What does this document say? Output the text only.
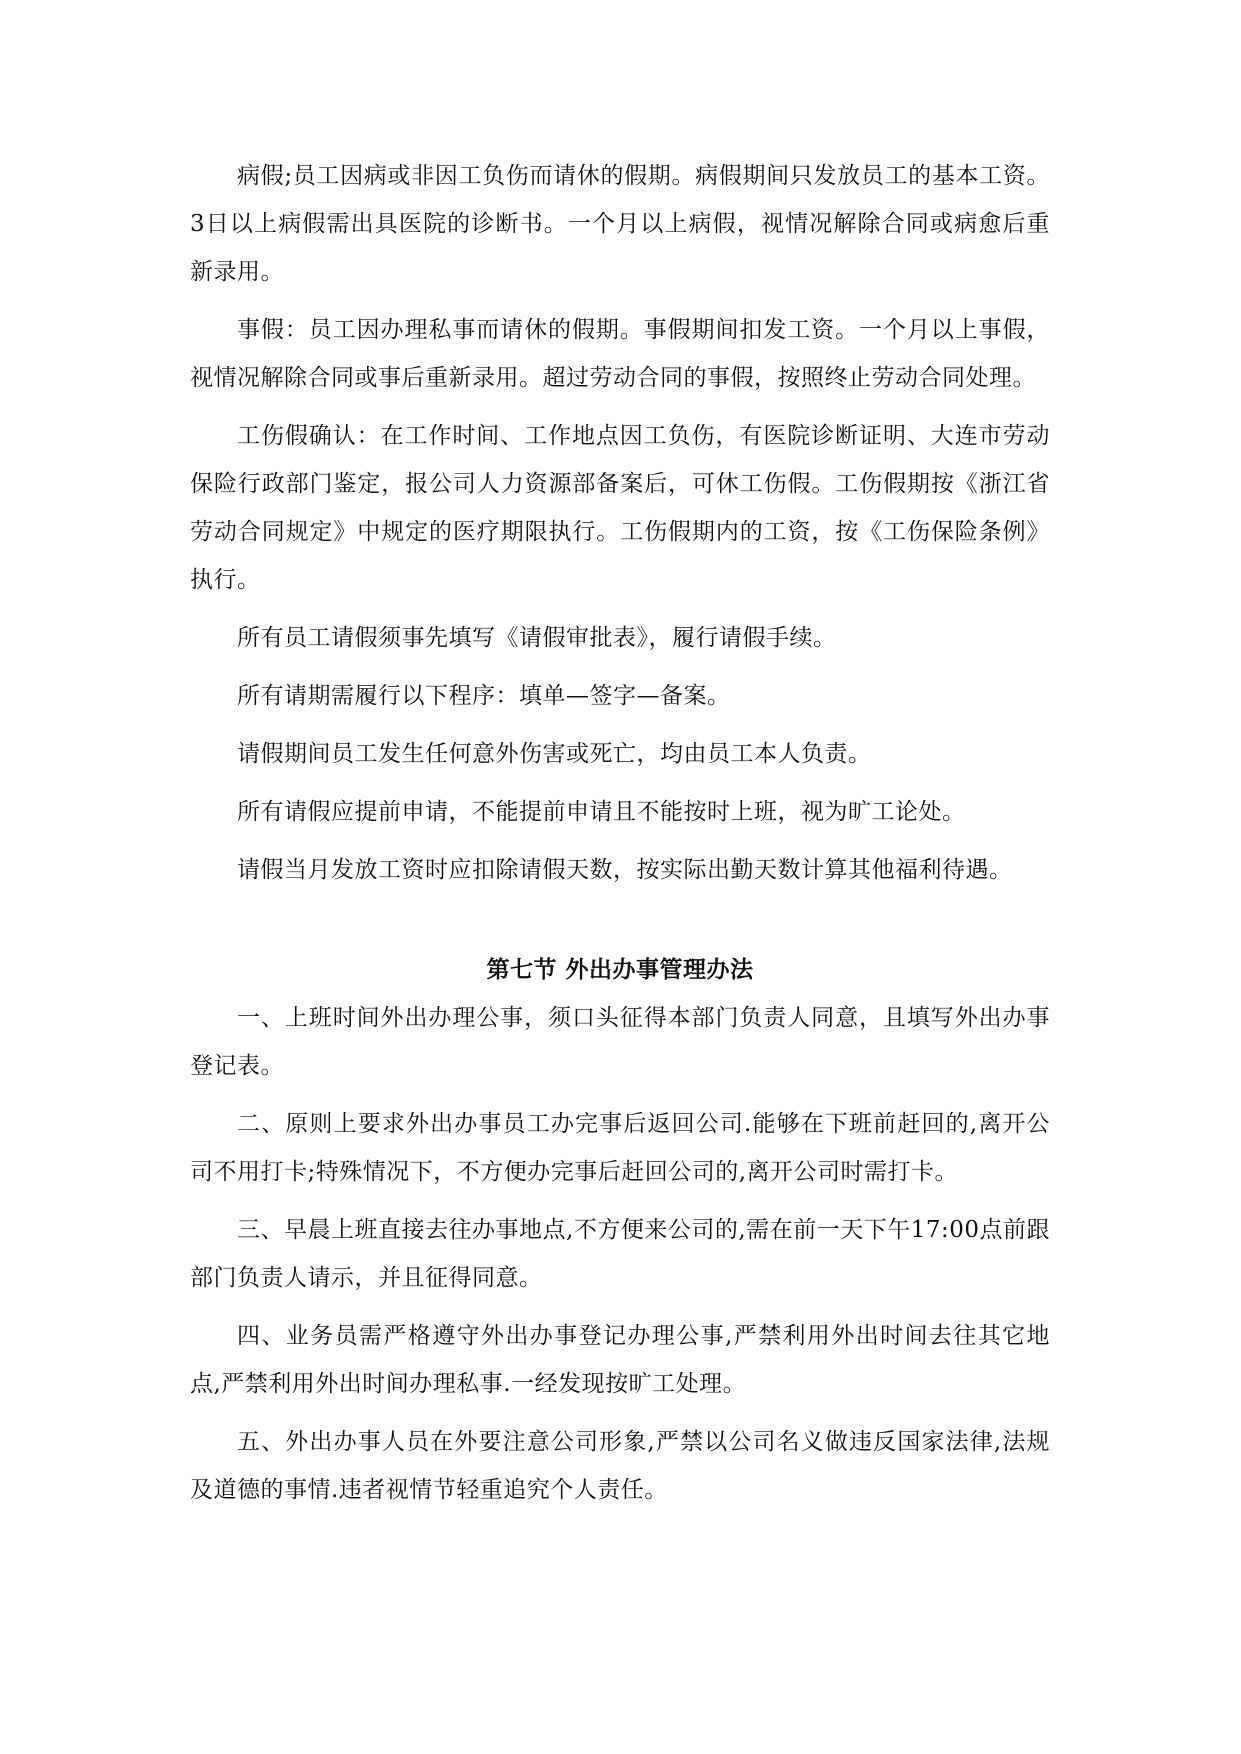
病假;员工因病或非因工负伤而请休的假期。病假期间只发放员工的基本工资。3日以上病假需出具医院的诊断书。一个月以上病假，视情况解除合同或病愈后重新录用。

事假：员工因办理私事而请休的假期。事假期间扣发工资。一个月以上事假，视情况解除合同或事后重新录用。超过劳动合同的事假，按照终止劳动合同处理。

工伤假确认：在工作时间、工作地点因工负伤，有医院诊断证明、大连市劳动保险行政部门鉴定，报公司人力资源部备案后，可休工伤假。工伤假期按《浙江省劳动合同规定》中规定的医疗期限执行。工伤假期内的工资，按《工伤保险条例》执行。

所有员工请假须事先填写《请假审批表》，履行请假手续。

所有请期需履行以下程序：填单—签字—备案。

请假期间员工发生任何意外伤害或死亡，均由员工本人负责。

所有请假应提前申请，不能提前申请且不能按时上班，视为旷工论处。

请假当月发放工资时应扣除请假天数，按实际出勤天数计算其他福利待遇。

第七节 外出办事管理办法

一、上班时间外出办理公事，须口头征得本部门负责人同意，且填写外出办事登记表。

二、原则上要求外出办事员工办完事后返回公司.能够在下班前赶回的,离开公司不用打卡;特殊情况下，不方便办完事后赶回公司的,离开公司时需打卡。

三、早晨上班直接去往办事地点,不方便来公司的,需在前一天下午17:00点前跟部门负责人请示，并且征得同意。

四、业务员需严格遵守外出办事登记办理公事,严禁利用外出时间去往其它地点,严禁利用外出时间办理私事.一经发现按旷工处理。

五、外出办事人员在外要注意公司形象,严禁以公司名义做违反国家法律,法规及道德的事情.违者视情节轻重追究个人责任。
